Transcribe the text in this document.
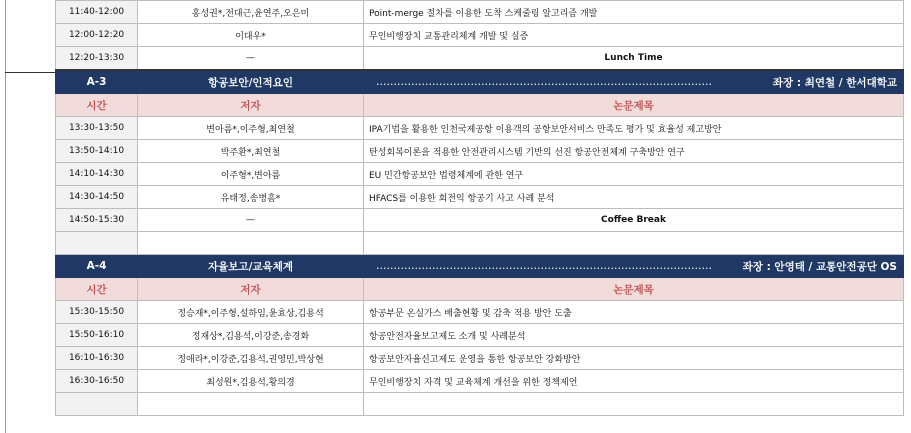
11:40-12:00	홍성권*,전대근,윤연주,오은미	Point-merge 절차를 이용한 도착 스케줄링 알고리즘 개발
12:00-12:20	이대우*	무인비행장치 교통관리체계 개발 및 실증
12:20-13:30	—	Lunch Time
A-3	항공보안/인적요인	…………………………………………………………………………………… 좌장 : 최연철 / 한서대학교

시간	저자	논문제목
13:30-13:50	변아름*,이주형,최연철	IPA기법을 활용한 인천국제공항 이용객의 공항보안서비스 만족도 평가 및 효율성 제고방안
13:50-14:10	박주환*,최연철	탄성회복이론을 적용한 안전관리시스템 기반의 선진 항공안전체계 구축방안 연구
14:10-14:30	이주형*,변아름	EU 민간항공보안 법령체계에 관한 연구
14:30-14:50	유태정,송병흠*	HFACS를 이용한 회전익 항공기 사고 사례 분석
14:50-15:30	—	Coffee Break

A-4	자율보고/교육체계	…………………………………………………………………………………… 좌장 : 안영태 / 교통안전공단 OS

시간	저자	논문제목
15:30-15:50	정승재*,이주형,설하임,윤효상,김용석	항공부문 온실가스 배출현황 및 감축 적용 방안 도출
15:50-16:10	정재상*,김용석,이강준,송경화	항공안전자율보고제도 소개 및 사례분석
16:10-16:30	정애라*,이강준,김용석,권영민,박상현	항공보안자율신고제도 운영을 통한 항공보안 강화방안
16:30-16:50	최성원*,김용석,황의경	무인비행장치 자격 및 교육체계 개선을 위한 정책제언
